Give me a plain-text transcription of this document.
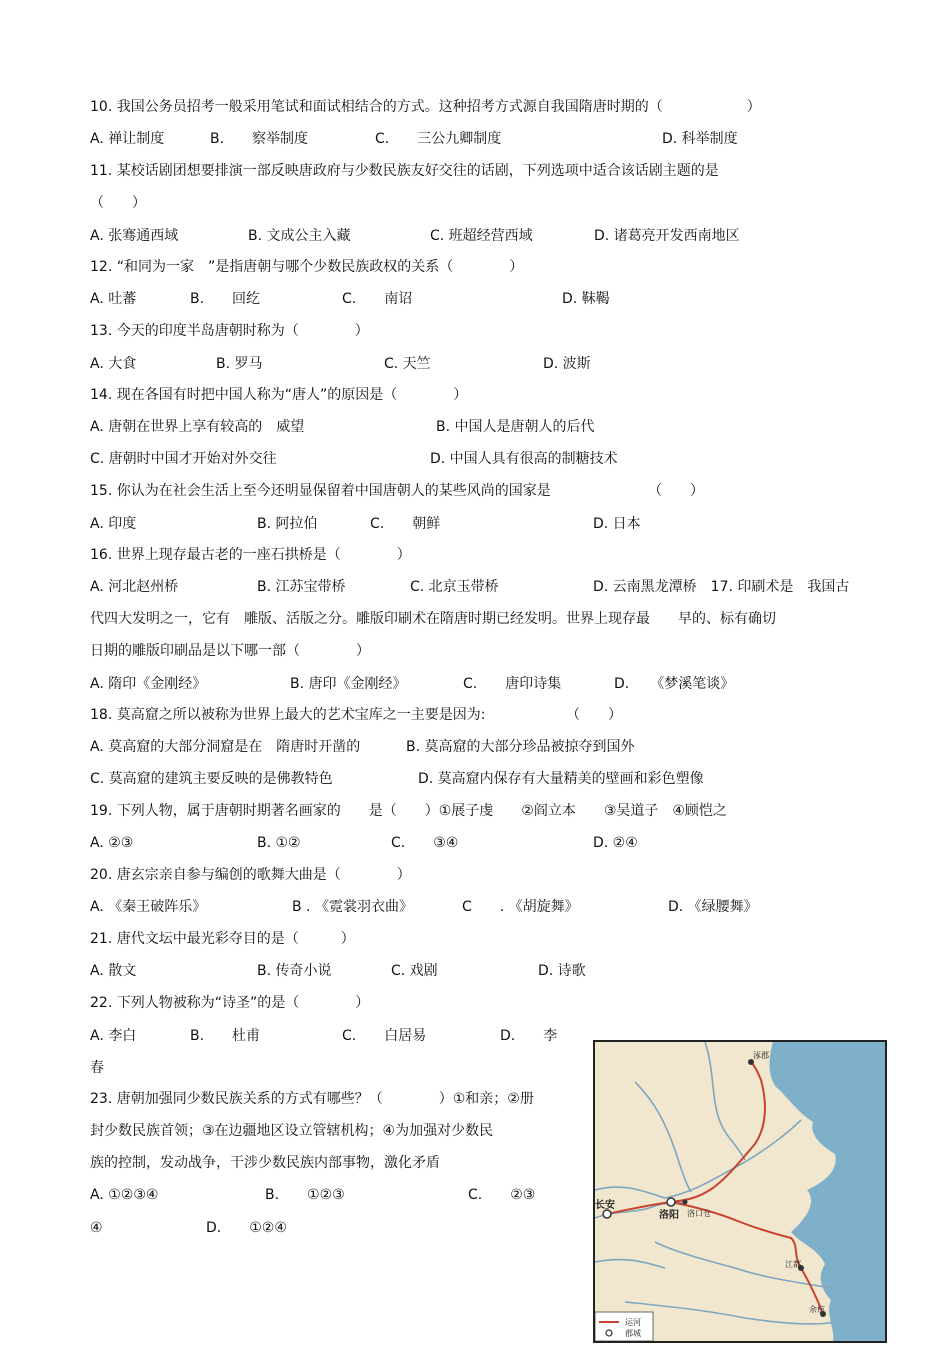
10. 我国公务员招考一般采用笔试和面试相结合的方式。这种招考方式源自我国隋唐时期的（　　　　　　）
A. 禅让制度	B.　　察举制度	C.　　三公九卿制度	D. 科举制度
11. 某校话剧团想要排演一部反映唐政府与少数民族友好交往的话剧，下列选项中适合该话剧主题的是
（　　）
A. 张骞通西域	B. 文成公主入藏	C. 班超经营西域	D. 诸葛亮开发西南地区
12. “和同为一家　”是指唐朝与哪个少数民族政权的关系（　　　　）
A. 吐蕃	B.　　回纥	C.　　南诏	D. 靺鞨
13. 今天的印度半岛唐朝时称为（　　　　）
A. 大食	B. 罗马	C. 天竺	D. 波斯
14. 现在各国有时把中国人称为“唐人”的原因是（　　　　）
A. 唐朝在世界上享有较高的　威望	B. 中国人是唐朝人的后代
C. 唐朝时中国才开始对外交往	D. 中国人具有很高的制糖技术
15. 你认为在社会生活上至今还明显保留着中国唐朝人的某些风尚的国家是	（　　）
A. 印度	B. 阿拉伯	C.　　朝鲜	D. 日本
16. 世界上现存最古老的一座石拱桥是（　　　　）
A. 河北赵州桥	B. 江苏宝带桥	C. 北京玉带桥	D. 云南黑龙潭桥　17. 印刷术是　我国古
代四大发明之一，它有　雕版、活版之分。雕版印刷术在隋唐时期已经发明。世界上现存最　　早的、标有确切
日期的雕版印刷品是以下哪一部（　　　　）
A. 隋印《金刚经》	B. 唐印《金刚经》	C.　　唐印诗集	D.　　《梦溪笔谈》
18. 莫高窟之所以被称为世界上最大的艺术宝库之一主要是因为:	（　　）
A. 莫高窟的大部分洞窟是在　隋唐时开凿的	B. 莫高窟的大部分珍品被掠夺到国外
C. 莫高窟的建筑主要反映的是佛教特色	D. 莫高窟内保存有大量精美的壁画和彩色塑像
19. 下列人物，属于唐朝时期著名画家的　　是（　　）①展子虔　　②阎立本　　③吴道子　④顾恺之
A. ②③	B. ①②	C.　　③④	D. ②④
20. 唐玄宗亲自参与编创的歌舞大曲是（　　　　）
A. 《秦王破阵乐》	B . 《霓裳羽衣曲》	C　　. 《胡旋舞》	D. 《绿腰舞》
21. 唐代文坛中最光彩夺目的是（　　　）
A. 散文	B. 传奇小说	C. 戏剧	D. 诗歌
22. 下列人物被称为“诗圣”的是（　　　　）
A. 李白	B.　　杜甫	C.　　白居易	D.　　李
春
23. 唐朝加强同少数民族关系的方式有哪些？（　　　　）①和亲；②册
封少数民族首领；③在边疆地区设立管辖机构；④为加强对少数民
族的控制，发动战争，干涉少数民族内部事物，激化矛盾
A. ①②③④	B.　　①②③	C.　　②③
④	D.　　①②④
涿郡
长安
洛阳 洛口仓
江都
余杭
运河
郡城
